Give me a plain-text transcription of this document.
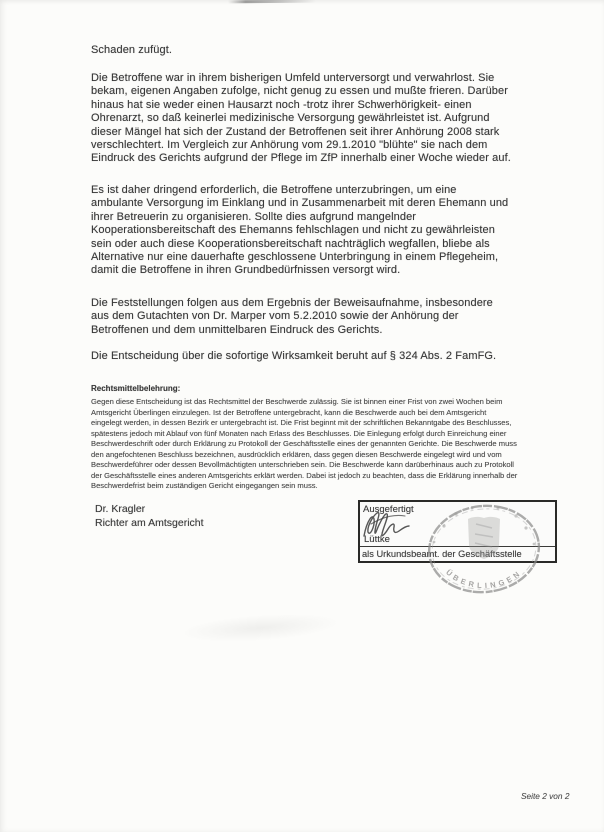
Schaden zufügt.
Die Betroffene war in ihrem bisherigen Umfeld unterversorgt und verwahrlost. Sie
bekam, eigenen Angaben zufolge, nicht genug zu essen und mußte frieren. Darüber
hinaus hat sie weder einen Hausarzt noch -trotz ihrer Schwerhörigkeit- einen
Ohrenarzt, so daß keinerlei medizinische Versorgung gewährleistet ist. Aufgrund
dieser Mängel hat sich der Zustand der Betroffenen seit ihrer Anhörung 2008 stark
verschlechtert. Im Vergleich zur Anhörung vom 29.1.2010 "blühte" sie nach dem
Eindruck des Gerichts aufgrund der Pflege im ZfP innerhalb einer Woche wieder auf.
Es ist daher dringend erforderlich, die Betroffene unterzubringen, um eine
ambulante Versorgung im Einklang und in Zusammenarbeit mit deren Ehemann und
ihrer Betreuerin zu organisieren. Sollte dies aufgrund mangelnder
Kooperationsbereitschaft des Ehemanns fehlschlagen und nicht zu gewährleisten
sein oder auch diese Kooperationsbereitschaft nachträglich wegfallen, bliebe als
Alternative nur eine dauerhafte geschlossene Unterbringung in einem Pflegeheim,
damit die Betroffene in ihren Grundbedürfnissen versorgt wird.
Die Feststellungen folgen aus dem Ergebnis der Beweisaufnahme, insbesondere
aus dem Gutachten von Dr. Marper vom 5.2.2010 sowie der Anhörung der
Betroffenen und dem unmittelbaren Eindruck des Gerichts.
Die Entscheidung über die sofortige Wirksamkeit beruht auf § 324 Abs. 2 FamFG.
Rechtsmittelbelehrung:
Gegen diese Entscheidung ist das Rechtsmittel der Beschwerde zulässig. Sie ist binnen einer Frist von zwei Wochen beim
Amtsgericht Überlingen einzulegen. Ist der Betroffene untergebracht, kann die Beschwerde auch bei dem Amtsgericht
eingelegt werden, in dessen Bezirk er untergebracht ist. Die Frist beginnt mit der schriftlichen Bekanntgabe des Beschlusses,
spätestens jedoch mit Ablauf von fünf Monaten nach Erlass des Beschlusses. Die Einlegung erfolgt durch Einreichung einer
Beschwerdeschrift oder durch Erklärung zu Protokoll der Geschäftsstelle eines der genannten Gerichte. Die Beschwerde muss
den angefochtenen Beschluss bezeichnen, ausdrücklich erklären, dass gegen diesen Beschwerde eingelegt wird und vom
Beschwerdeführer oder dessen Bevollmächtigten unterschrieben sein. Die Beschwerde kann darüberhinaus auch zu Protokoll
der Geschäftsstelle eines anderen Amtsgerichts erklärt werden. Dabei ist jedoch zu beachten, dass die Erklärung innerhalb der
Beschwerdefrist beim zuständigen Gericht eingegangen sein muss.
Dr. Kragler
Richter am Amtsgericht
Ausgefertigt
Lüttke
als Urkundsbeamt. der Geschäftsstelle
ÜBERLINGEN
Seite 2 von 2
